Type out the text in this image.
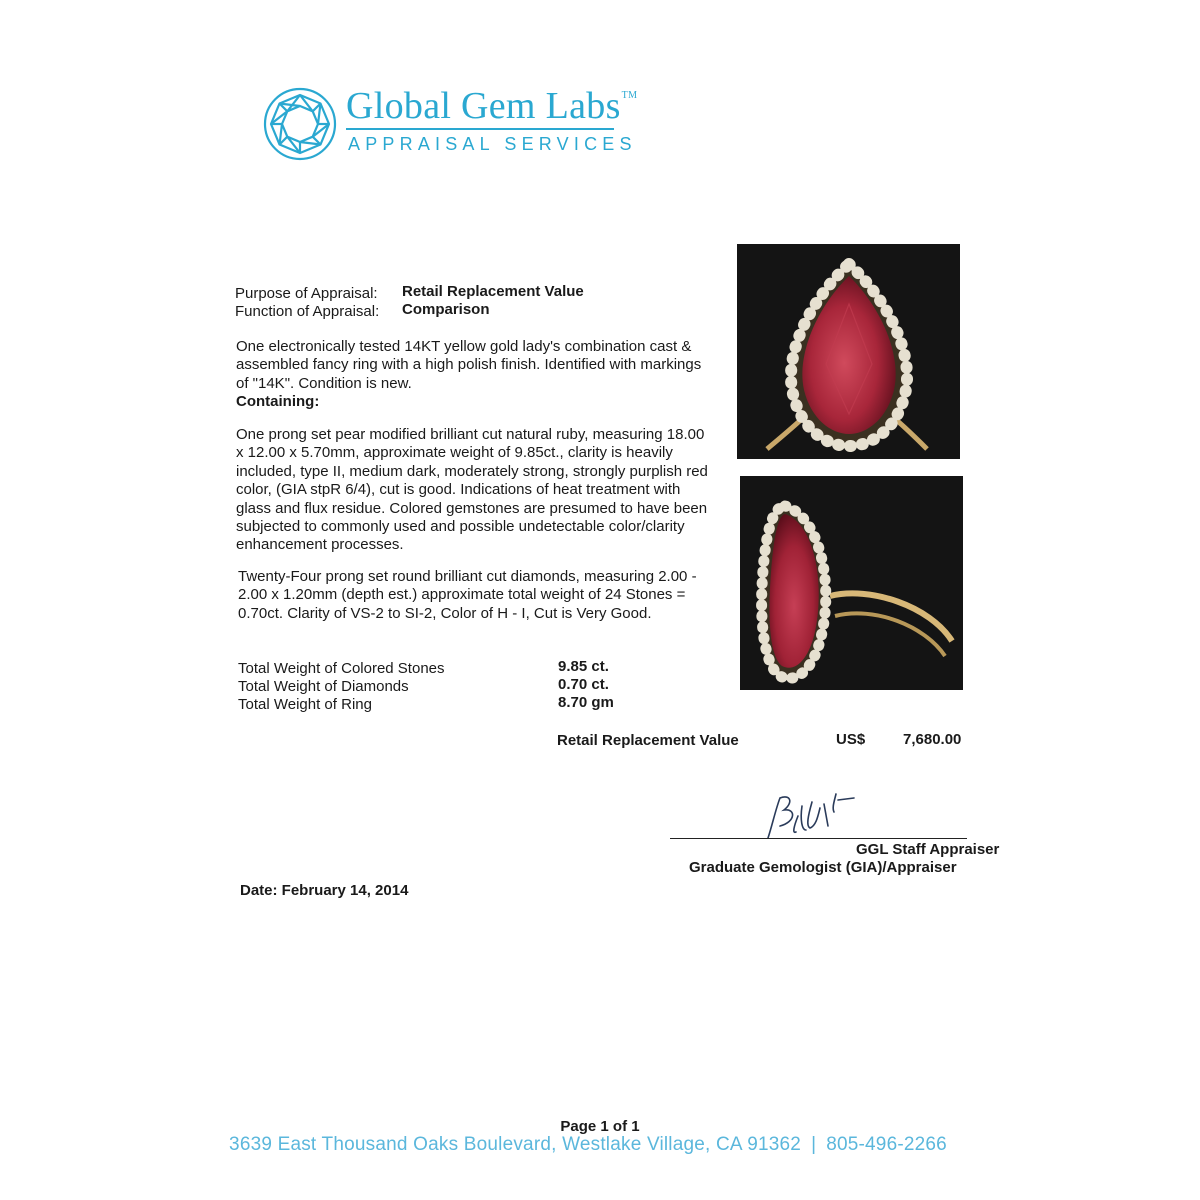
Global Gem Labs™
APPRAISAL SERVICES
Purpose of Appraisal: Retail Replacement Value
Function of Appraisal: Comparison
One electronically tested 14KT yellow gold lady's combination cast &
assembled fancy ring with a high polish finish. Identified with markings
of "14K". Condition is new.
Containing:
One prong set pear modified brilliant cut natural ruby, measuring 18.00
x 12.00 x 5.70mm, approximate weight of 9.85ct., clarity is heavily
included, type II, medium dark, moderately strong, strongly purplish red
color, (GIA stpR 6/4), cut is good. Indications of heat treatment with
glass and flux residue. Colored gemstones are presumed to have been
subjected to commonly used and possible undetectable color/clarity
enhancement processes.
Twenty-Four prong set round brilliant cut diamonds, measuring 2.00 -
2.00 x 1.20mm (depth est.) approximate total weight of 24 Stones =
0.70ct. Clarity of VS-2 to SI-2, Color of H - I, Cut is Very Good.
Total Weight of Colored Stones	9.85 ct.
Total Weight of Diamonds	0.70 ct.
Total Weight of Ring	8.70 gm
Retail Replacement Value	US$	7,680.00
GGL Staff Appraiser
Graduate Gemologist (GIA)/Appraiser
Date: February 14, 2014
Page 1 of 1
3639 East Thousand Oaks Boulevard, Westlake Village, CA 91362 | 805-496-2266
